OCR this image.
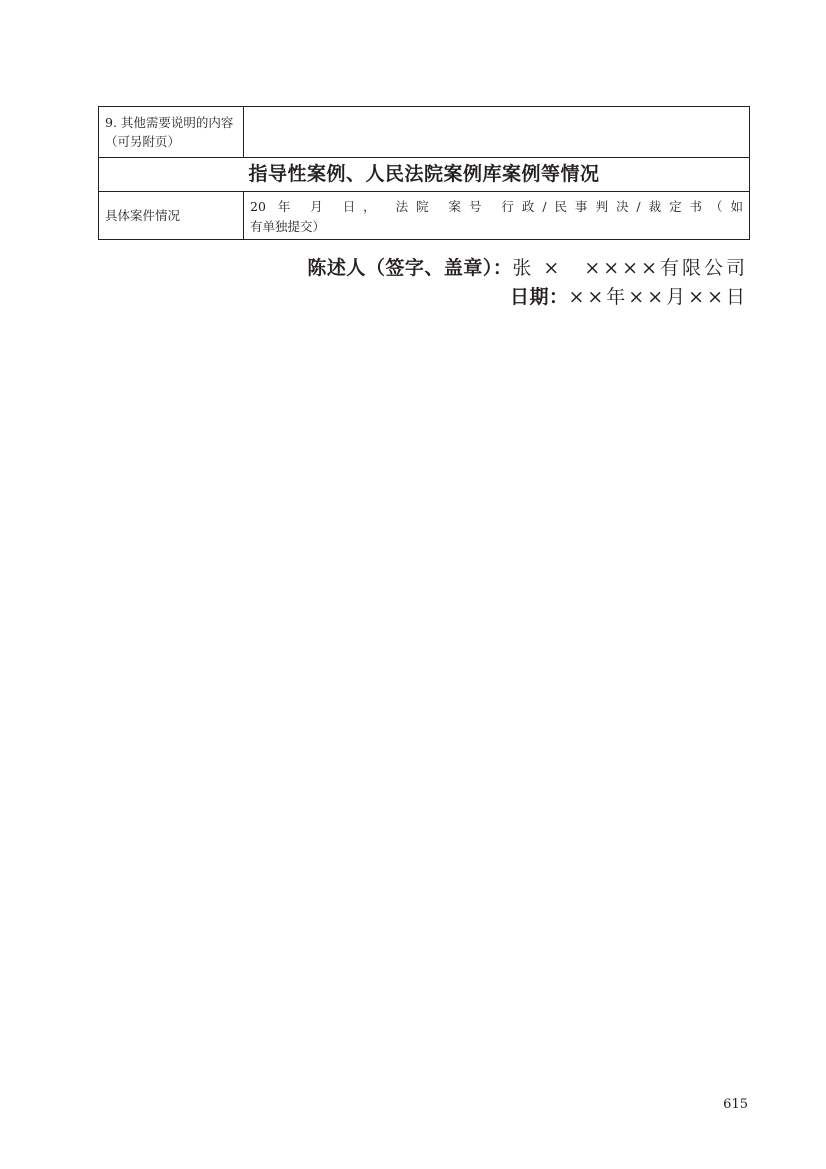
9. 其他需要说明的内容
（可另附页）	
指导性案例、人民法院案例库案例等情况	
具体案件情况	20 年 月 日， 法院 案号 行政/民事判决/裁定书（如
有单独提交）
陈述人（签字、盖章）：张 ×　××××有限公司
日期：××年××月××日
615
